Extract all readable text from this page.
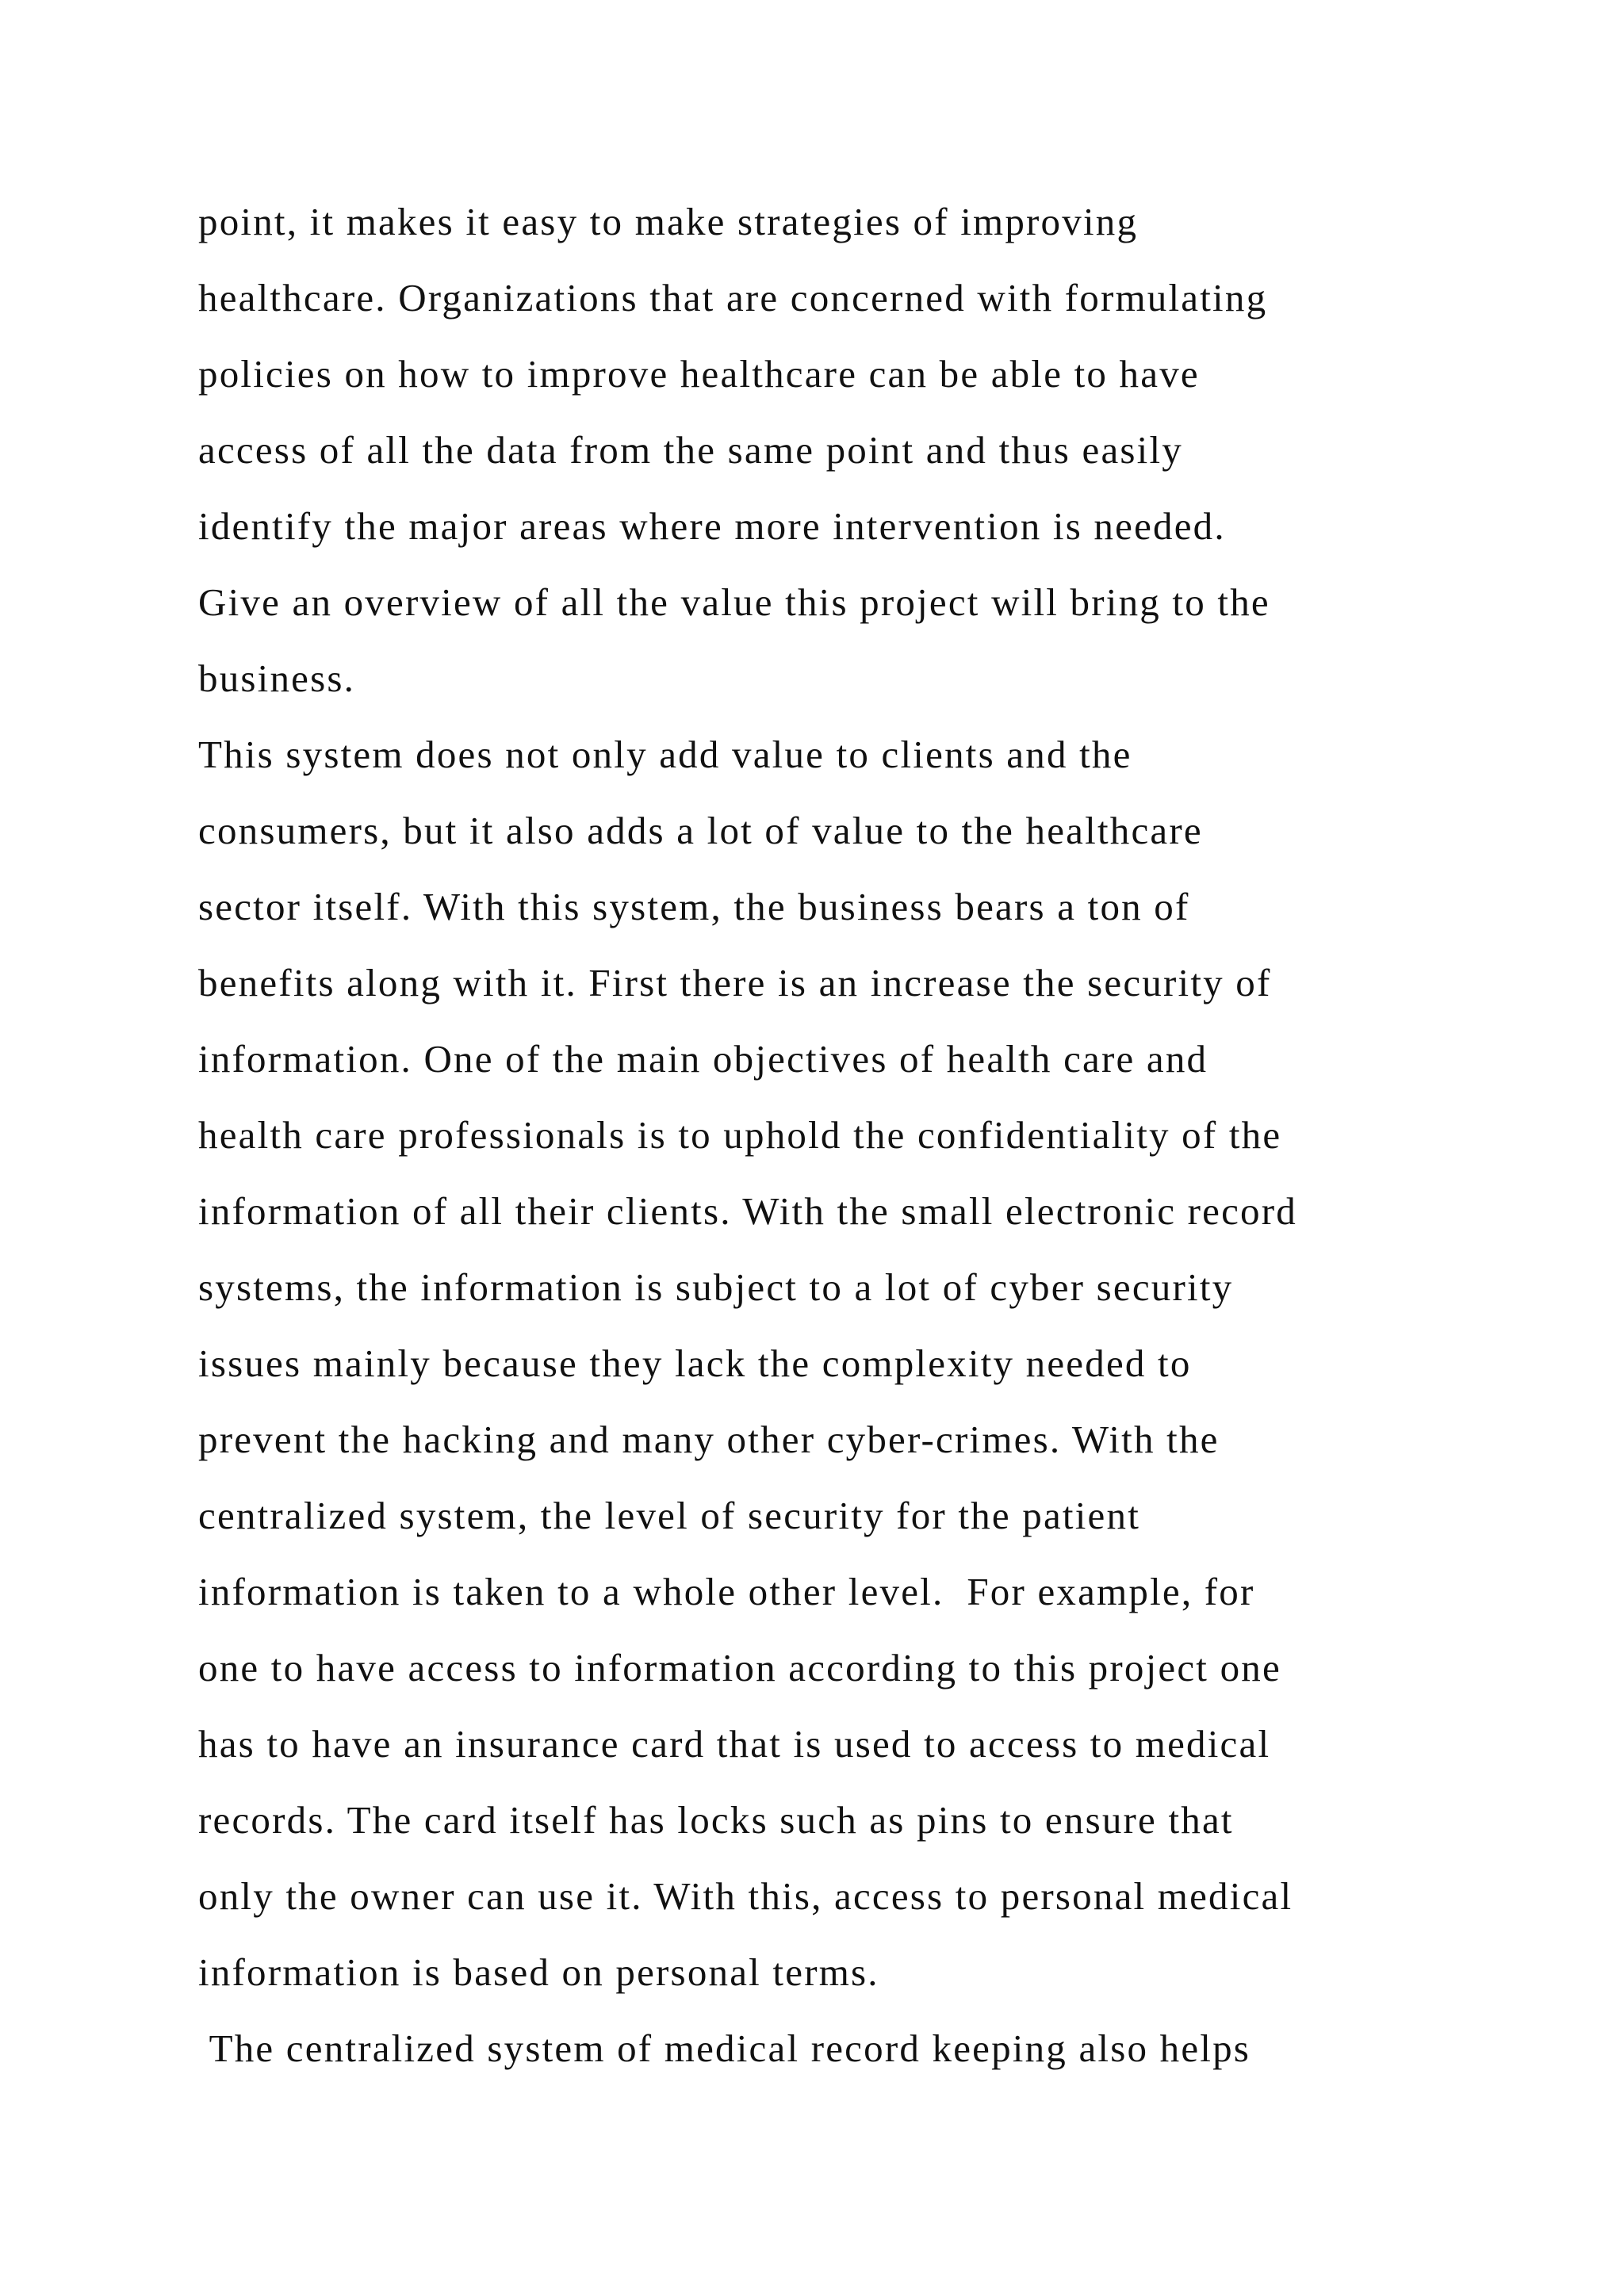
point, it makes it easy to make strategies of improving
healthcare. Organizations that are concerned with formulating
policies on how to improve healthcare can be able to have
access of all the data from the same point and thus easily
identify the major areas where more intervention is needed.
Give an overview of all the value this project will bring to the
business.
This system does not only add value to clients and the
consumers, but it also adds a lot of value to the healthcare
sector itself. With this system, the business bears a ton of
benefits along with it. First there is an increase the security of
information. One of the main objectives of health care and
health care professionals is to uphold the confidentiality of the
information of all their clients. With the small electronic record
systems, the information is subject to a lot of cyber security
issues mainly because they lack the complexity needed to
prevent the hacking and many other cyber-crimes. With the
centralized system, the level of security for the patient
information is taken to a whole other level.  For example, for
one to have access to information according to this project one
has to have an insurance card that is used to access to medical
records. The card itself has locks such as pins to ensure that
only the owner can use it. With this, access to personal medical
information is based on personal terms.
The centralized system of medical record keeping also helps
